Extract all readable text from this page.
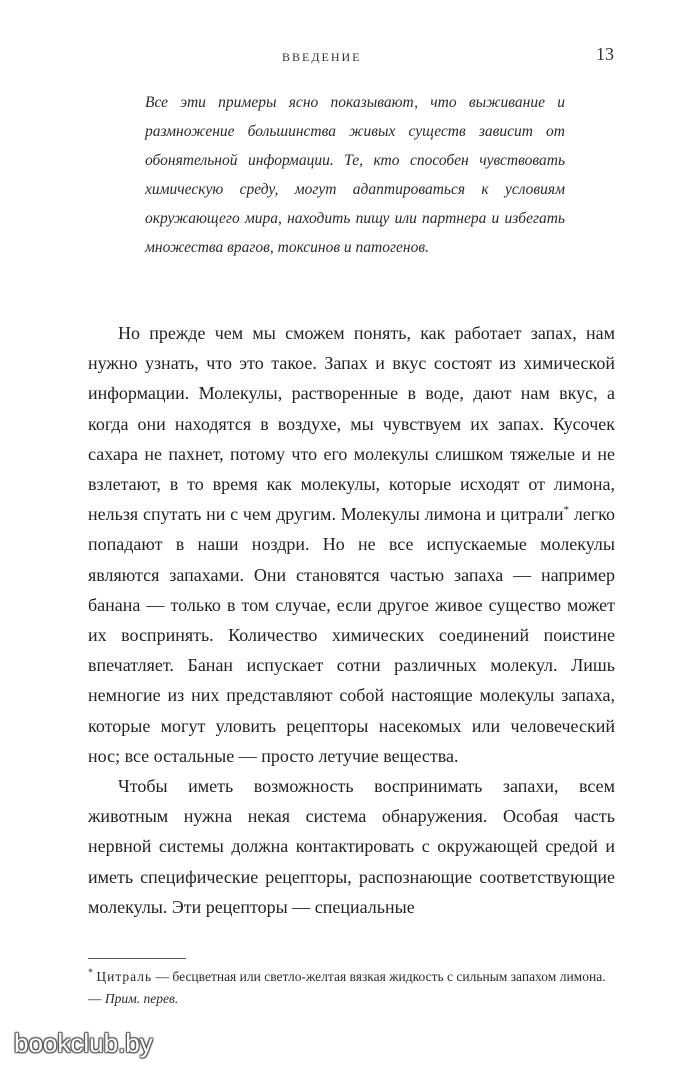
ВВЕДЕНИЕ	13
Все эти примеры ясно показывают, что выживание и размножение большинства живых существ зависит от обонятельной информации. Те, кто способен чувствовать химическую среду, могут адаптироваться к условиям окружающего мира, находить пищу или партнера и избегать множества врагов, токсинов и патогенов.

Но прежде чем мы сможем понять, как работает запах, нам нужно узнать, что это такое. Запах и вкус состоят из химической информации. Молекулы, растворенные в воде, дают нам вкус, а когда они находятся в воздухе, мы чувствуем их запах. Кусочек сахара не пахнет, потому что его молекулы слишком тяжелые и не взлетают, в то время как молекулы, которые исходят от лимона, нельзя спутать ни с чем другим. Молекулы лимона и цитрали* легко попадают в наши ноздри. Но не все испускаемые молекулы являются запахами. Они становятся частью запаха — например банана — только в том случае, если другое живое существо может их воспринять. Количество химических соединений поистине впечатляет. Банан испускает сотни различных молекул. Лишь немногие из них представляют собой настоящие молекулы запаха, которые могут уловить рецепторы насекомых или человеческий нос; все остальные — просто летучие вещества.

Чтобы иметь возможность воспринимать запахи, всем животным нужна некая система обнаружения. Особая часть нервной системы должна контактировать с окружающей средой и иметь специфические рецепторы, распознающие соответствующие молекулы. Эти рецепторы — специальные

* Цитраль — бесцветная или светло-желтая вязкая жидкость с сильным запахом лимона. — Прим. перев.
bookclub.by
